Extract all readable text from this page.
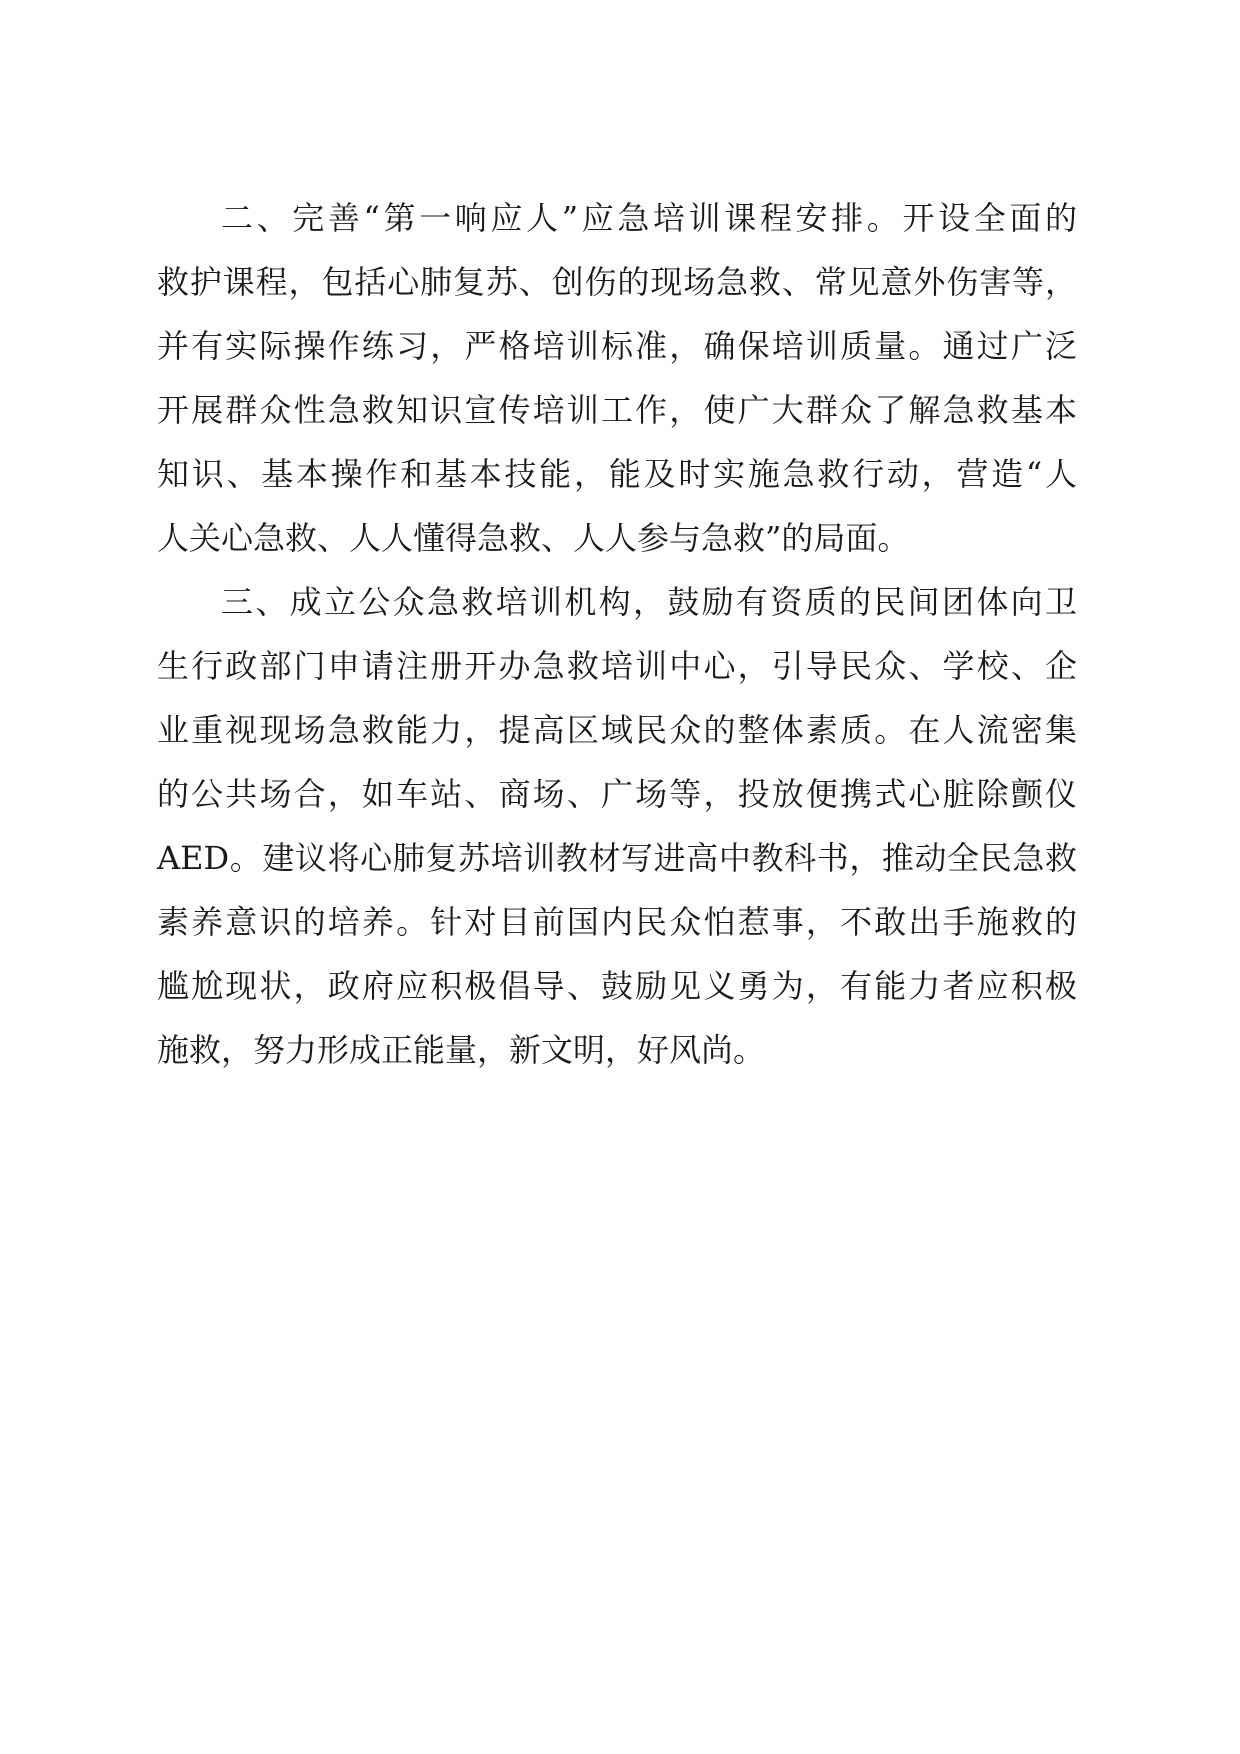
二、完善“第一响应人”应急培训课程安排。开设全面的
救护课程，包括心肺复苏、创伤的现场急救、常见意外伤害等，
并有实际操作练习，严格培训标准，确保培训质量。通过广泛
开展群众性急救知识宣传培训工作，使广大群众了解急救基本
知识、基本操作和基本技能，能及时实施急救行动，营造“人
人关心急救、人人懂得急救、人人参与急救”的局面。
三、成立公众急救培训机构，鼓励有资质的民间团体向卫
生行政部门申请注册开办急救培训中心，引导民众、学校、企
业重视现场急救能力，提高区域民众的整体素质。在人流密集
的公共场合，如车站、商场、广场等，投放便携式心脏除颤仪
AED。建议将心肺复苏培训教材写进高中教科书，推动全民急救
素养意识的培养。针对目前国内民众怕惹事，不敢出手施救的
尴尬现状，政府应积极倡导、鼓励见义勇为，有能力者应积极
施救，努力形成正能量，新文明，好风尚。
